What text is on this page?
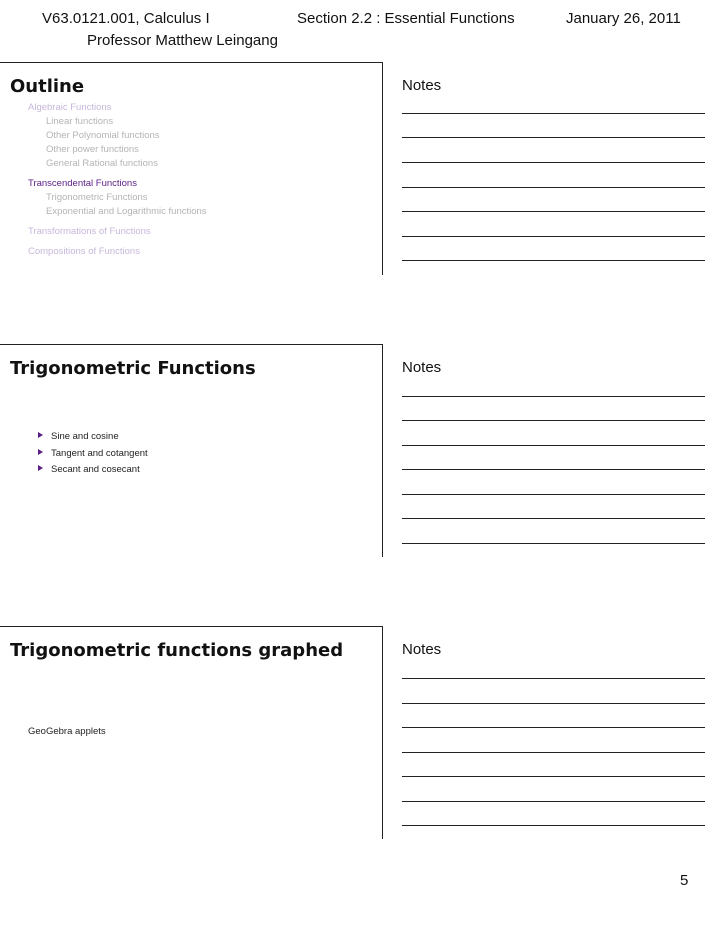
V63.0121.001, Calculus I	Section 2.2 : Essential Functions	January 26, 2011
Professor Matthew Leingang
Outline
Algebraic Functions
Linear functions
Other Polynomial functions
Other power functions
General Rational functions
Transcendental Functions
Trigonometric Functions
Exponential and Logarithmic functions
Transformations of Functions
Compositions of Functions
Notes
Trigonometric Functions
Sine and cosine
Tangent and cotangent
Secant and cosecant
Notes
Trigonometric functions graphed
GeoGebra applets
Notes
5
